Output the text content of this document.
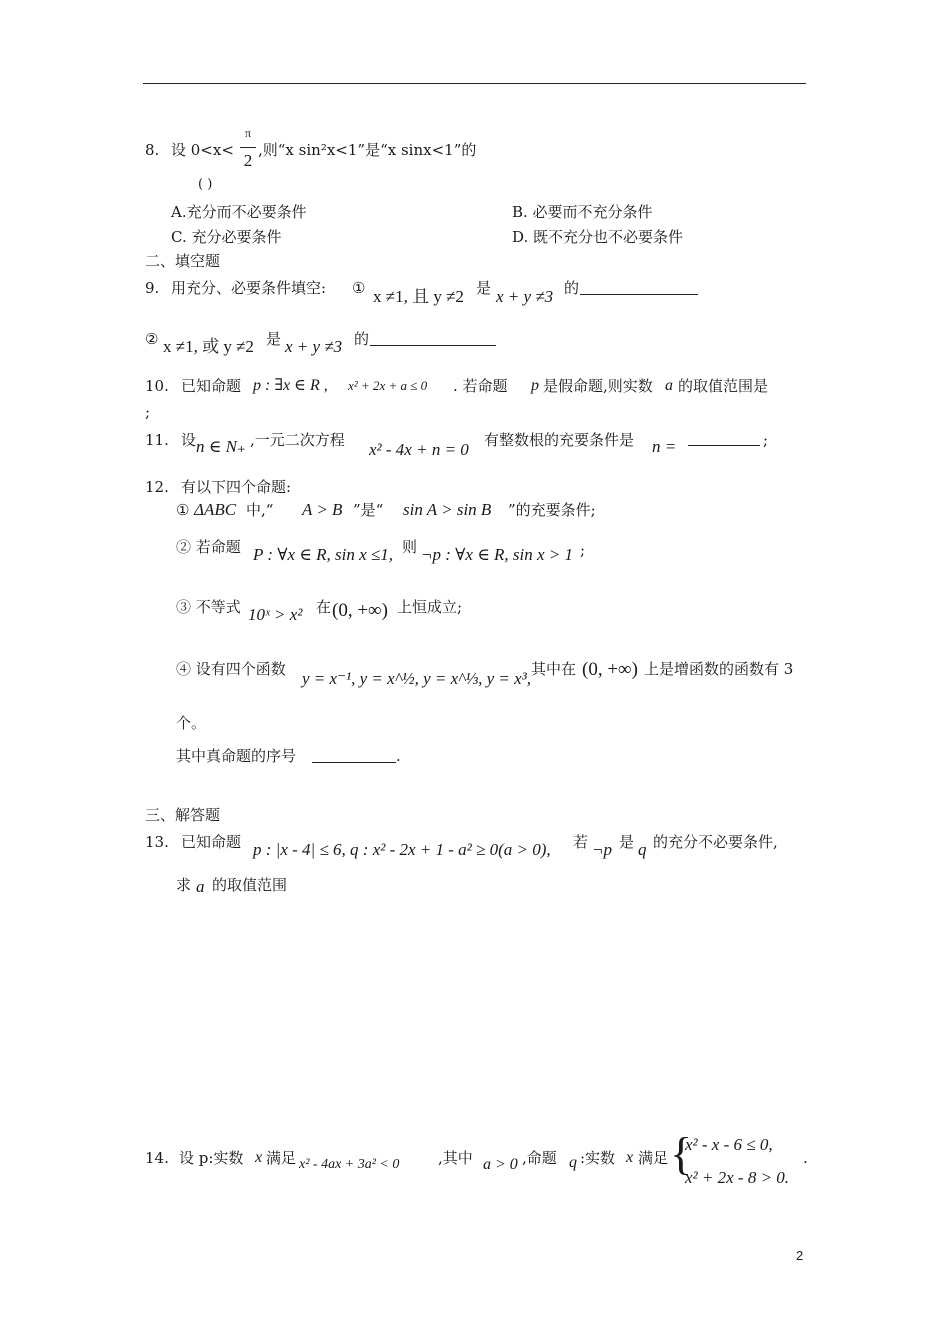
8. 设 0<x<
π
2
,则“x sin²x<1”是“x sinx<1”的
( )
A.充分而不必要条件	B. 必要而不充分条件
C. 充分必要条件	D. 既不充分也不必要条件
二、填空题
9. 用充分、必要条件填空: ① x ≠1, 且 y ≠2 是 x + y ≠3 的
② x ≠1, 或 y ≠2 是 x + y ≠3 的
10. 已知命题 p : ∃x ∈ R , x² + 2x + a ≤ 0 . 若命题 p 是假命题,则实数 a 的取值范围是
;
11. 设 n ∈ N₊ ,一元二次方程 x² - 4x + n = 0 有整数根的充要条件是 n =	;
12. 有以下四个命题:
① ΔABC 中,“ A > B ”是“ sin A > sin B ”的充要条件;
② 若命题 P : ∀x ∈ R, sin x ≤1, 则 ¬p : ∀x ∈ R, sin x > 1 ;
③ 不等式 10ˣ > x² 在 (0, +∞) 上恒成立;
④ 设有四个函数 y = x⁻¹, y = x^½, y = x^⅓, y = x³, 其中在 (0, +∞) 上是增函数的函数有 3
个。
其中真命题的序号	.
三、解答题
13. 已知命题 p : |x - 4| ≤ 6, q : x² - 2x + 1 - a² ≥ 0(a > 0), 若 ¬p 是 q 的充分不必要条件,
求 a 的取值范围
14. 设 p:实数 x 满足 x² - 4ax + 3a² < 0	,其中 a > 0 ,命题 q :实数 x 满足 {
x² - x - 6 ≤ 0,
x² + 2x - 8 > 0.
.
2
